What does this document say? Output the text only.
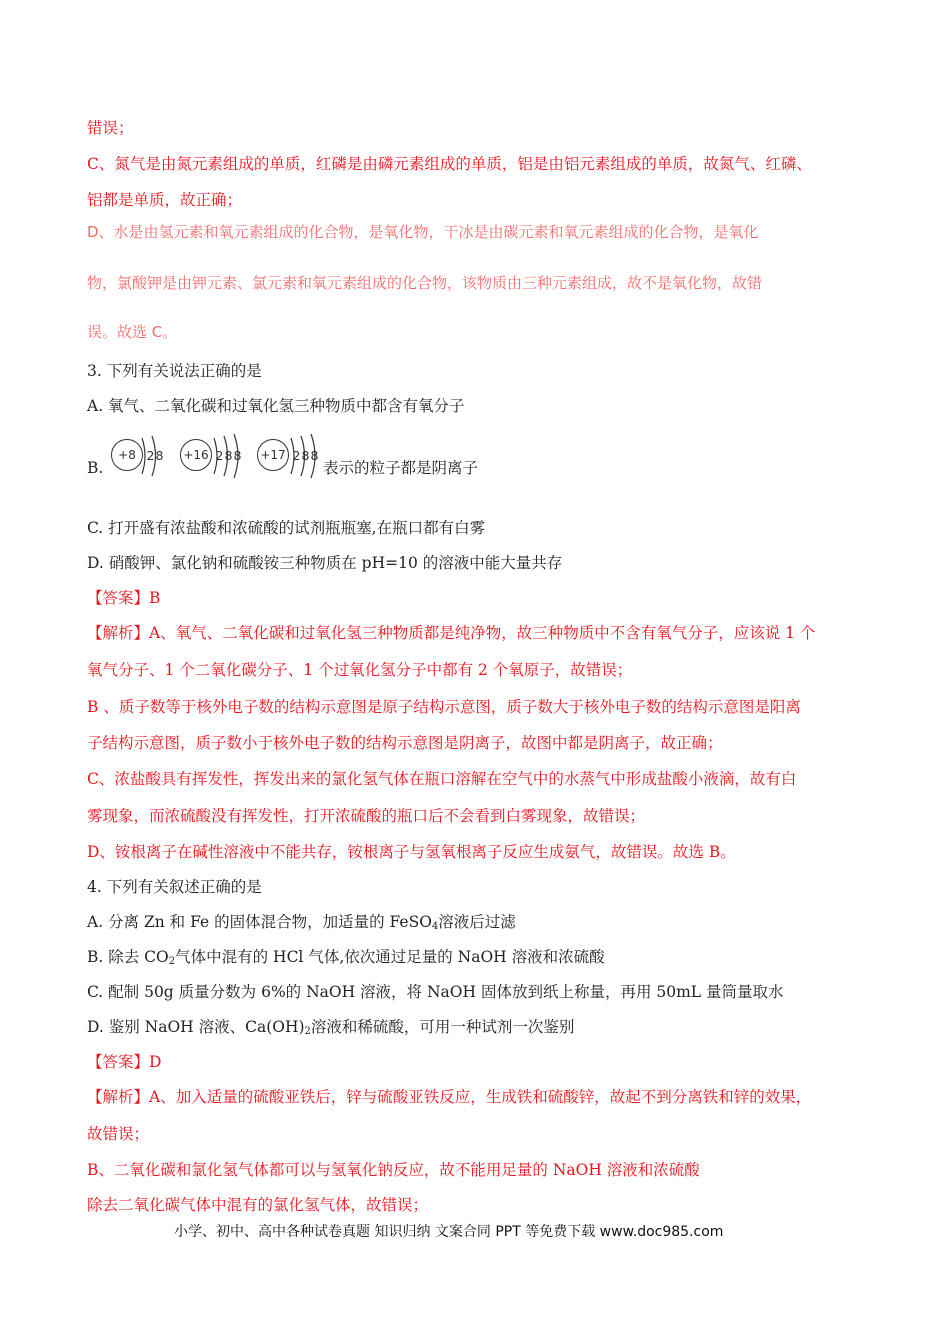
错误；
C、氮气是由氮元素组成的单质，红磷是由磷元素组成的单质，铝是由铝元素组成的单质，故氮气、红磷、
铝都是单质，故正确；
D、水是由氢元素和氧元素组成的化合物，是氧化物，干冰是由碳元素和氧元素组成的化合物，是氧化
物，氯酸钾是由钾元素、氯元素和氧元素组成的化合物，该物质由三种元素组成，故不是氧化物，故错
误。故选 C。
3. 下列有关说法正确的是
A. 氧气、二氧化碳和过氧化氢三种物质中都含有氧分子
B.
+8 2 8 +16 2 8 8 +17 2 8 8
表示的粒子都是阴离子
C. 打开盛有浓盐酸和浓硫酸的试剂瓶瓶塞,在瓶口都有白雾
D. 硝酸钾、氯化钠和硫酸铵三种物质在 pH=10 的溶液中能大量共存
【答案】B
【解析】A、氧气、二氧化碳和过氧化氢三种物质都是纯净物，故三种物质中不含有氧气分子，应该说 1 个
氧气分子、1 个二氧化碳分子、1 个过氧化氢分子中都有 2 个氧原子，故错误；
B 、质子数等于核外电子数的结构示意图是原子结构示意图，质子数大于核外电子数的结构示意图是阳离
子结构示意图，质子数小于核外电子数的结构示意图是阴离子，故图中都是阴离子，故正确；
C、浓盐酸具有挥发性，挥发出来的氯化氢气体在瓶口溶解在空气中的水蒸气中形成盐酸小液滴，故有白
雾现象，而浓硫酸没有挥发性，打开浓硫酸的瓶口后不会看到白雾现象，故错误；
D、铵根离子在碱性溶液中不能共存，铵根离子与氢氧根离子反应生成氨气，故错误。故选 B。
4. 下列有关叙述正确的是
A. 分离 Zn 和 Fe 的固体混合物，加适量的 FeSO$_4$溶液后过滤
B. 除去 $CO_2$气体中混有的 HCl 气体,依次通过足量的 NaOH 溶液和浓硫酸
C. 配制 50g 质量分数为 6%的 NaOH 溶液，将 NaOH 固体放到纸上称量，再用 50mL 量筒量取水
D. 鉴别 NaOH 溶液、$Ca(OH)_2$溶液和稀硫酸，可用一种试剂一次鉴别
【答案】D
【解析】A、加入适量的硫酸亚铁后，锌与硫酸亚铁反应，生成铁和硫酸锌，故起不到分离铁和锌的效果，
故错误；
B、二氧化碳和氯化氢气体都可以与氢氧化钠反应，故不能用足量的 NaOH 溶液和浓硫酸
除去二氧化碳气体中混有的氯化氢气体，故错误；
小学、初中、高中各种试卷真题 知识归纳 文案合同 PPT 等免费下载 www.doc985.com
